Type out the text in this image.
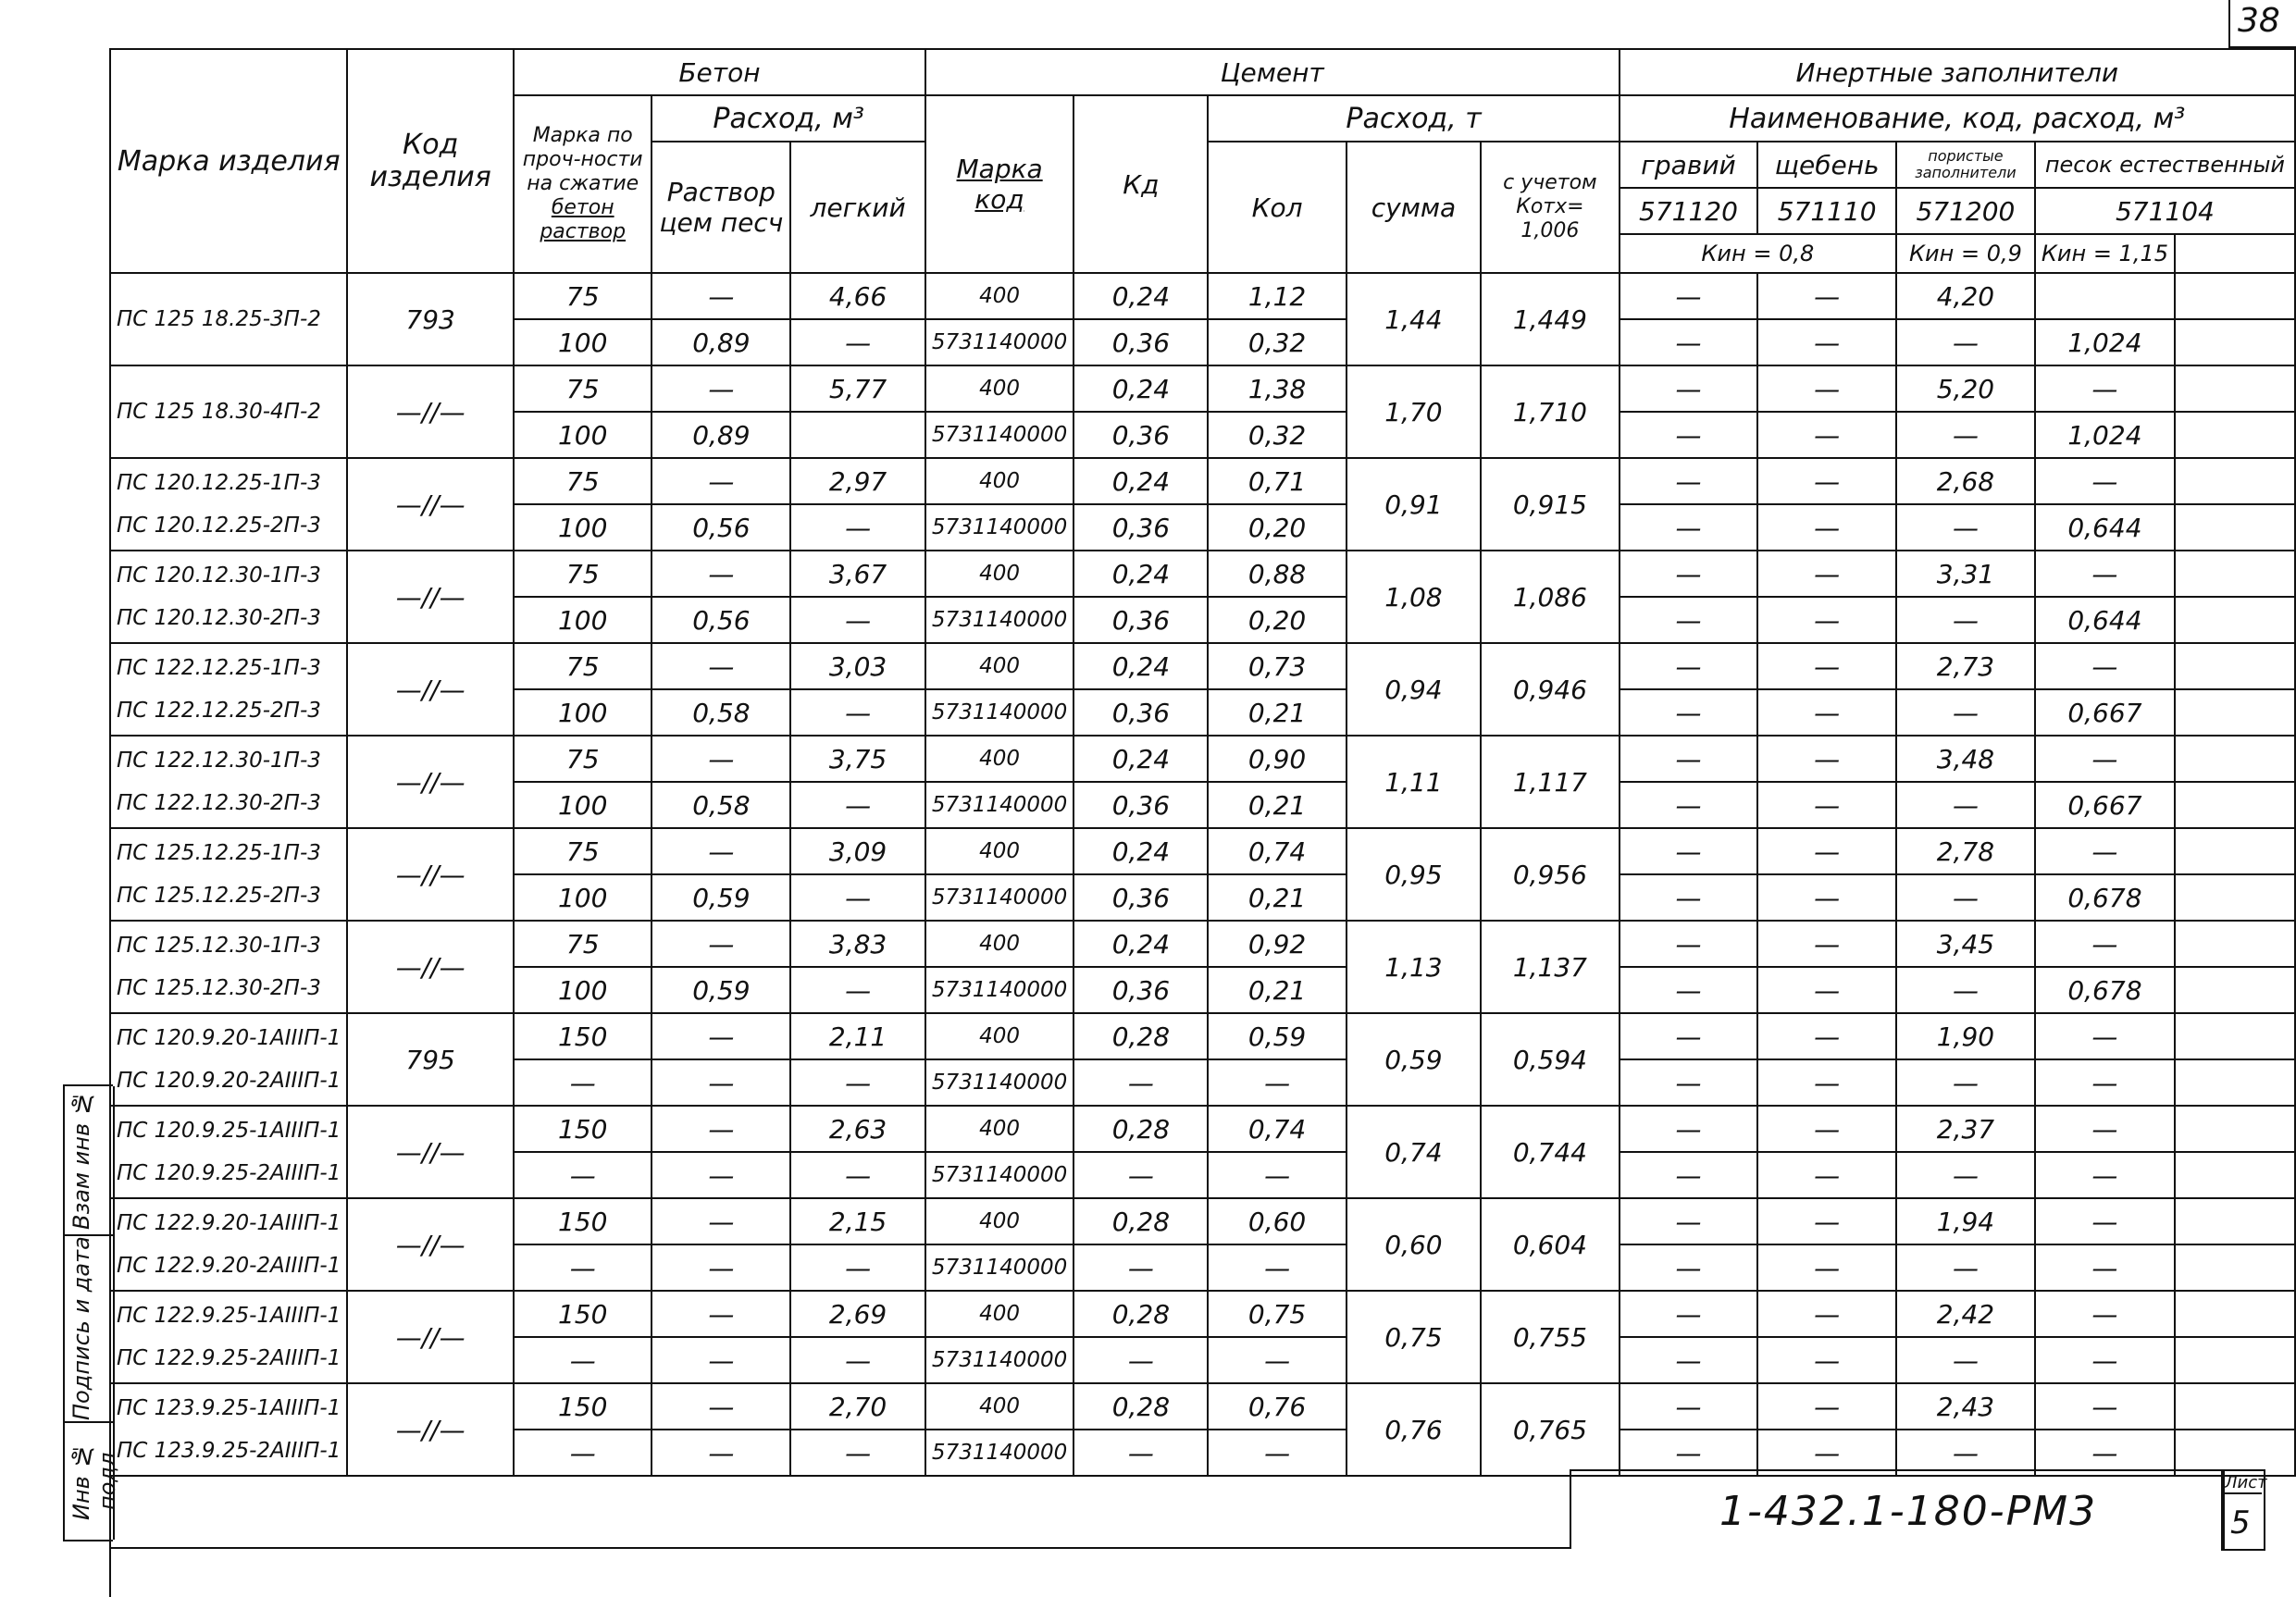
38
Марка изделия	Код изделия	Бетон			Цемент					Инертные заполнители				
		Марка по проч-ности на сжатие
бетон раствор	Расход, м³		Марка код	Кд	Расход, т			Наименование, код, расход, м³				
			Раствор цем песч	легкий			Кол	сумма	с учетом Котх= 1,006	гравий	щебень	пористые заполнители	песок естественный	
										571120	571110	571200	571104	
										Кин = 0,8		Кин = 0,9	Кин = 1,15	

ПС 125 18.25-3П-2	793	75	—	4,66	400	0,24	1,12	1,44	1,449	—	—	4,20		
		100	0,89	—	5731140000	0,36	0,32			—	—	—	1,024	

ПС 125 18.30-4П-2	—//—	75	—	5,77	400	0,24	1,38	1,70	1,710	—	—	5,20	—	
		100	0,89		5731140000	0,36	0,32			—	—	—	1,024	

ПС 120.12.25-1П-3
ПС 120.12.25-2П-3	—//—	75	—	2,97	400	0,24	0,71	0,91	0,915	—	—	2,68	—	
		100	0,56	—	5731140000	0,36	0,20			—	—	—	0,644	

ПС 120.12.30-1П-3
ПС 120.12.30-2П-3	—//—	75	—	3,67	400	0,24	0,88	1,08	1,086	—	—	3,31	—	
		100	0,56	—	5731140000	0,36	0,20			—	—	—	0,644	

ПС 122.12.25-1П-3
ПС 122.12.25-2П-3	—//—	75	—	3,03	400	0,24	0,73	0,94	0,946	—	—	2,73	—	
		100	0,58	—	5731140000	0,36	0,21			—	—	—	0,667	

ПС 122.12.30-1П-3
ПС 122.12.30-2П-3	—//—	75	—	3,75	400	0,24	0,90	1,11	1,117	—	—	3,48	—	
		100	0,58	—	5731140000	0,36	0,21			—	—	—	0,667	

ПС 125.12.25-1П-3
ПС 125.12.25-2П-3	—//—	75	—	3,09	400	0,24	0,74	0,95	0,956	—	—	2,78	—	
		100	0,59	—	5731140000	0,36	0,21			—	—	—	0,678	

ПС 125.12.30-1П-3
ПС 125.12.30-2П-3	—//—	75	—	3,83	400	0,24	0,92	1,13	1,137	—	—	3,45	—	
		100	0,59	—	5731140000	0,36	0,21			—	—	—	0,678	

ПС 120.9.20-1АIIIП-1
ПС 120.9.20-2АIIIП-1	795	150	—	2,11	400	0,28	0,59	0,59	0,594	—	—	1,90	—	
		—	—	—	5731140000	—	—			—	—	—	—	

ПС 120.9.25-1АIIIП-1
ПС 120.9.25-2АIIIП-1	—//—	150	—	2,63	400	0,28	0,74	0,74	0,744	—	—	2,37	—	
		—	—	—	5731140000	—	—			—	—	—	—	

ПС 122.9.20-1АIIIП-1
ПС 122.9.20-2АIIIП-1	—//—	150	—	2,15	400	0,28	0,60	0,60	0,604	—	—	1,94	—	
		—	—	—	5731140000	—	—			—	—	—	—	

ПС 122.9.25-1АIIIП-1
ПС 122.9.25-2АIIIП-1	—//—	150	—	2,69	400	0,28	0,75	0,75	0,755	—	—	2,42	—	
		—	—	—	5731140000	—	—			—	—	—	—	

ПС 123.9.25-1АIIIП-1
ПС 123.9.25-2АIIIП-1	—//—	150	—	2,70	400	0,28	0,76	0,76	0,765	—	—	2,43	—	
		—	—	—	5731140000	—	—			—	—	—	—	

Взам инв №
Подпись и дата
Инв № подл
1-432.1-180-РМ3
Лист
5
